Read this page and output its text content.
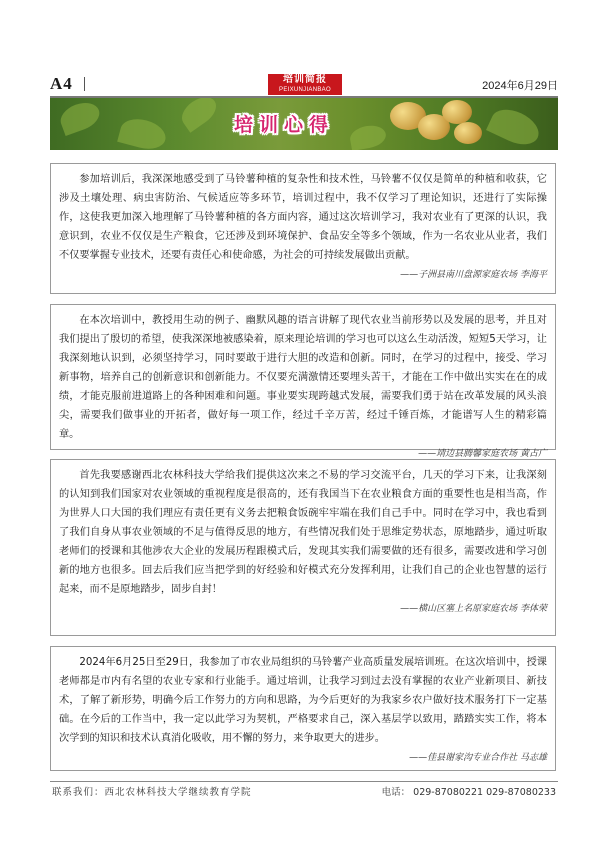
A4	培训简报
PEIXUNJIANBAO	2024年6月29日
培训心得

参加培训后，我深深地感受到了马铃薯种植的复杂性和技术性，马铃薯不仅仅是简单的种植和收获，它涉及土壤处理、病虫害防治、气候适应等多环节，培训过程中，我不仅学习了理论知识，还进行了实际操作，这使我更加深入地理解了马铃薯种植的各方面内容，通过这次培训学习，我对农业有了更深的认识，我意识到，农业不仅仅是生产粮食，它还涉及到环境保护、食品安全等多个领域，作为一名农业从业者，我们不仅要掌握专业技术，还要有责任心和使命感，为社会的可持续发展做出贡献。

——子洲县南川盘源家庭农场 李海平

在本次培训中，教授用生动的例子、幽默风趣的语言讲解了现代农业当前形势以及发展的思考，并且对我们提出了殷切的希望，使我深深地被感染着，原来理论培训的学习也可以这么生动活泼，短短5天学习，让我深刻地认识到，必须坚持学习，同时要敢于进行大胆的改造和创新。同时，在学习的过程中，接受、学习新事物，培养自己的创新意识和创新能力。不仅要充满激情还要埋头苦干，才能在工作中做出实实在在的成绩，才能克服前进道路上的各种困难和问题。事业要实现跨越式发展，需要我们勇于站在改革发展的风头浪尖，需要我们做事业的开拓者，做好每一项工作，经过千辛万苦，经过千锤百炼，才能谱写人生的精彩篇章。

——靖边县腾馨家庭农场 黄占广

首先我要感谢西北农林科技大学给我们提供这次来之不易的学习交流平台，几天的学习下来，让我深刻的认知到我们国家对农业领域的重视程度是很高的，还有我国当下在农业粮食方面的重要性也是相当高，作为世界人口大国的我们理应有责任更有义务去把粮食饭碗牢牢端在我们自己手中。同时在学习中，我也看到了我们自身从事农业领域的不足与值得反思的地方，有些情况我们处于思维定势状态，原地踏步，通过听取老师们的授课和其他涉农大企业的发展历程跟模式后，发现其实我们需要做的还有很多，需要改进和学习创新的地方也很多。回去后我们应当把学到的好经验和好模式充分发挥利用，让我们自己的企业也智慧的运行起来，而不是原地踏步，固步自封！

——横山区塞上名原家庭农场 李体荣

2024年6月25日至29日，我参加了市农业局组织的马铃薯产业高质量发展培训班。在这次培训中，授课老师都是市内有名望的农业专家和行业能手。通过培训，让我学习到过去没有掌握的农业产业新项目、新技术，了解了新形势，明确今后工作努力的方向和思路，为今后更好的为我家乡农户做好技术服务打下一定基础。在今后的工作当中，我一定以此学习为契机，严格要求自己，深入基层学以致用，踏踏实实工作，将本次学到的知识和技术认真消化吸收，用不懈的努力，来争取更大的进步。

——佳县谢家沟专业合作社 马志雄
联系我们：西北农林科技大学继续教育学院	电话： 029-87080221 029-87080233
